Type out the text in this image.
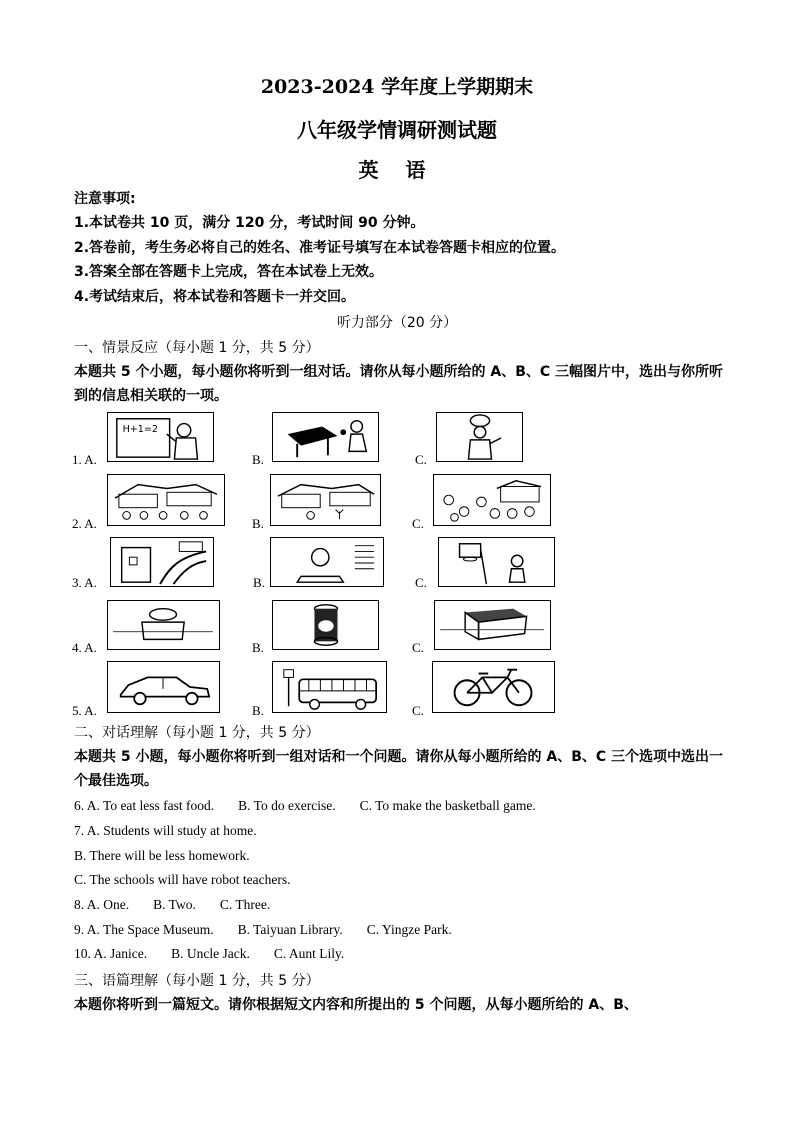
2023-2024 学年度上学期期末
八年级学情调研测试题
英 语
注意事项:
1.本试卷共 10 页，满分 120 分，考试时间 90 分钟。
2.答卷前，考生务必将自己的姓名、准考证号填写在本试卷答题卡相应的位置。
3.答案全部在答题卡上完成，答在本试卷上无效。
4.考试结束后，将本试卷和答题卡一并交回。
听力部分（20 分）
一、情景反应（每小题 1 分，共 5 分）
本题共 5 个小题，每小题你将听到一组对话。请你从每小题所给的 A、B、C 三幅图片中，选出与你所听到的信息相关联的一项。
1. A.
H+1=2
B.	C.
2. A.	B.	C.
3. A.	B.	C.
4. A.	B.	C.
5. A.	B.	C.
二、对话理解（每小题 1 分，共 5 分）
本题共 5 小题，每小题你将听到一组对话和一个问题。请你从每小题所给的 A、B、C 三个选项中选出一个最佳选项。
6. A. To eat less fast food. B. To do exercise. C. To make the basketball game.
7. A. Students will study at home.
B. There will be less homework.
C. The schools will have robot teachers.
8. A. One. B. Two. C. Three.
9. A. The Space Museum. B. Taiyuan Library. C. Yingze Park.
10. A. Janice. B. Uncle Jack. C. Aunt Lily.
三、语篇理解（每小题 1 分，共 5 分）
本题你将听到一篇短文。请你根据短文内容和所提出的 5 个问题，从每小题所给的 A、B、
